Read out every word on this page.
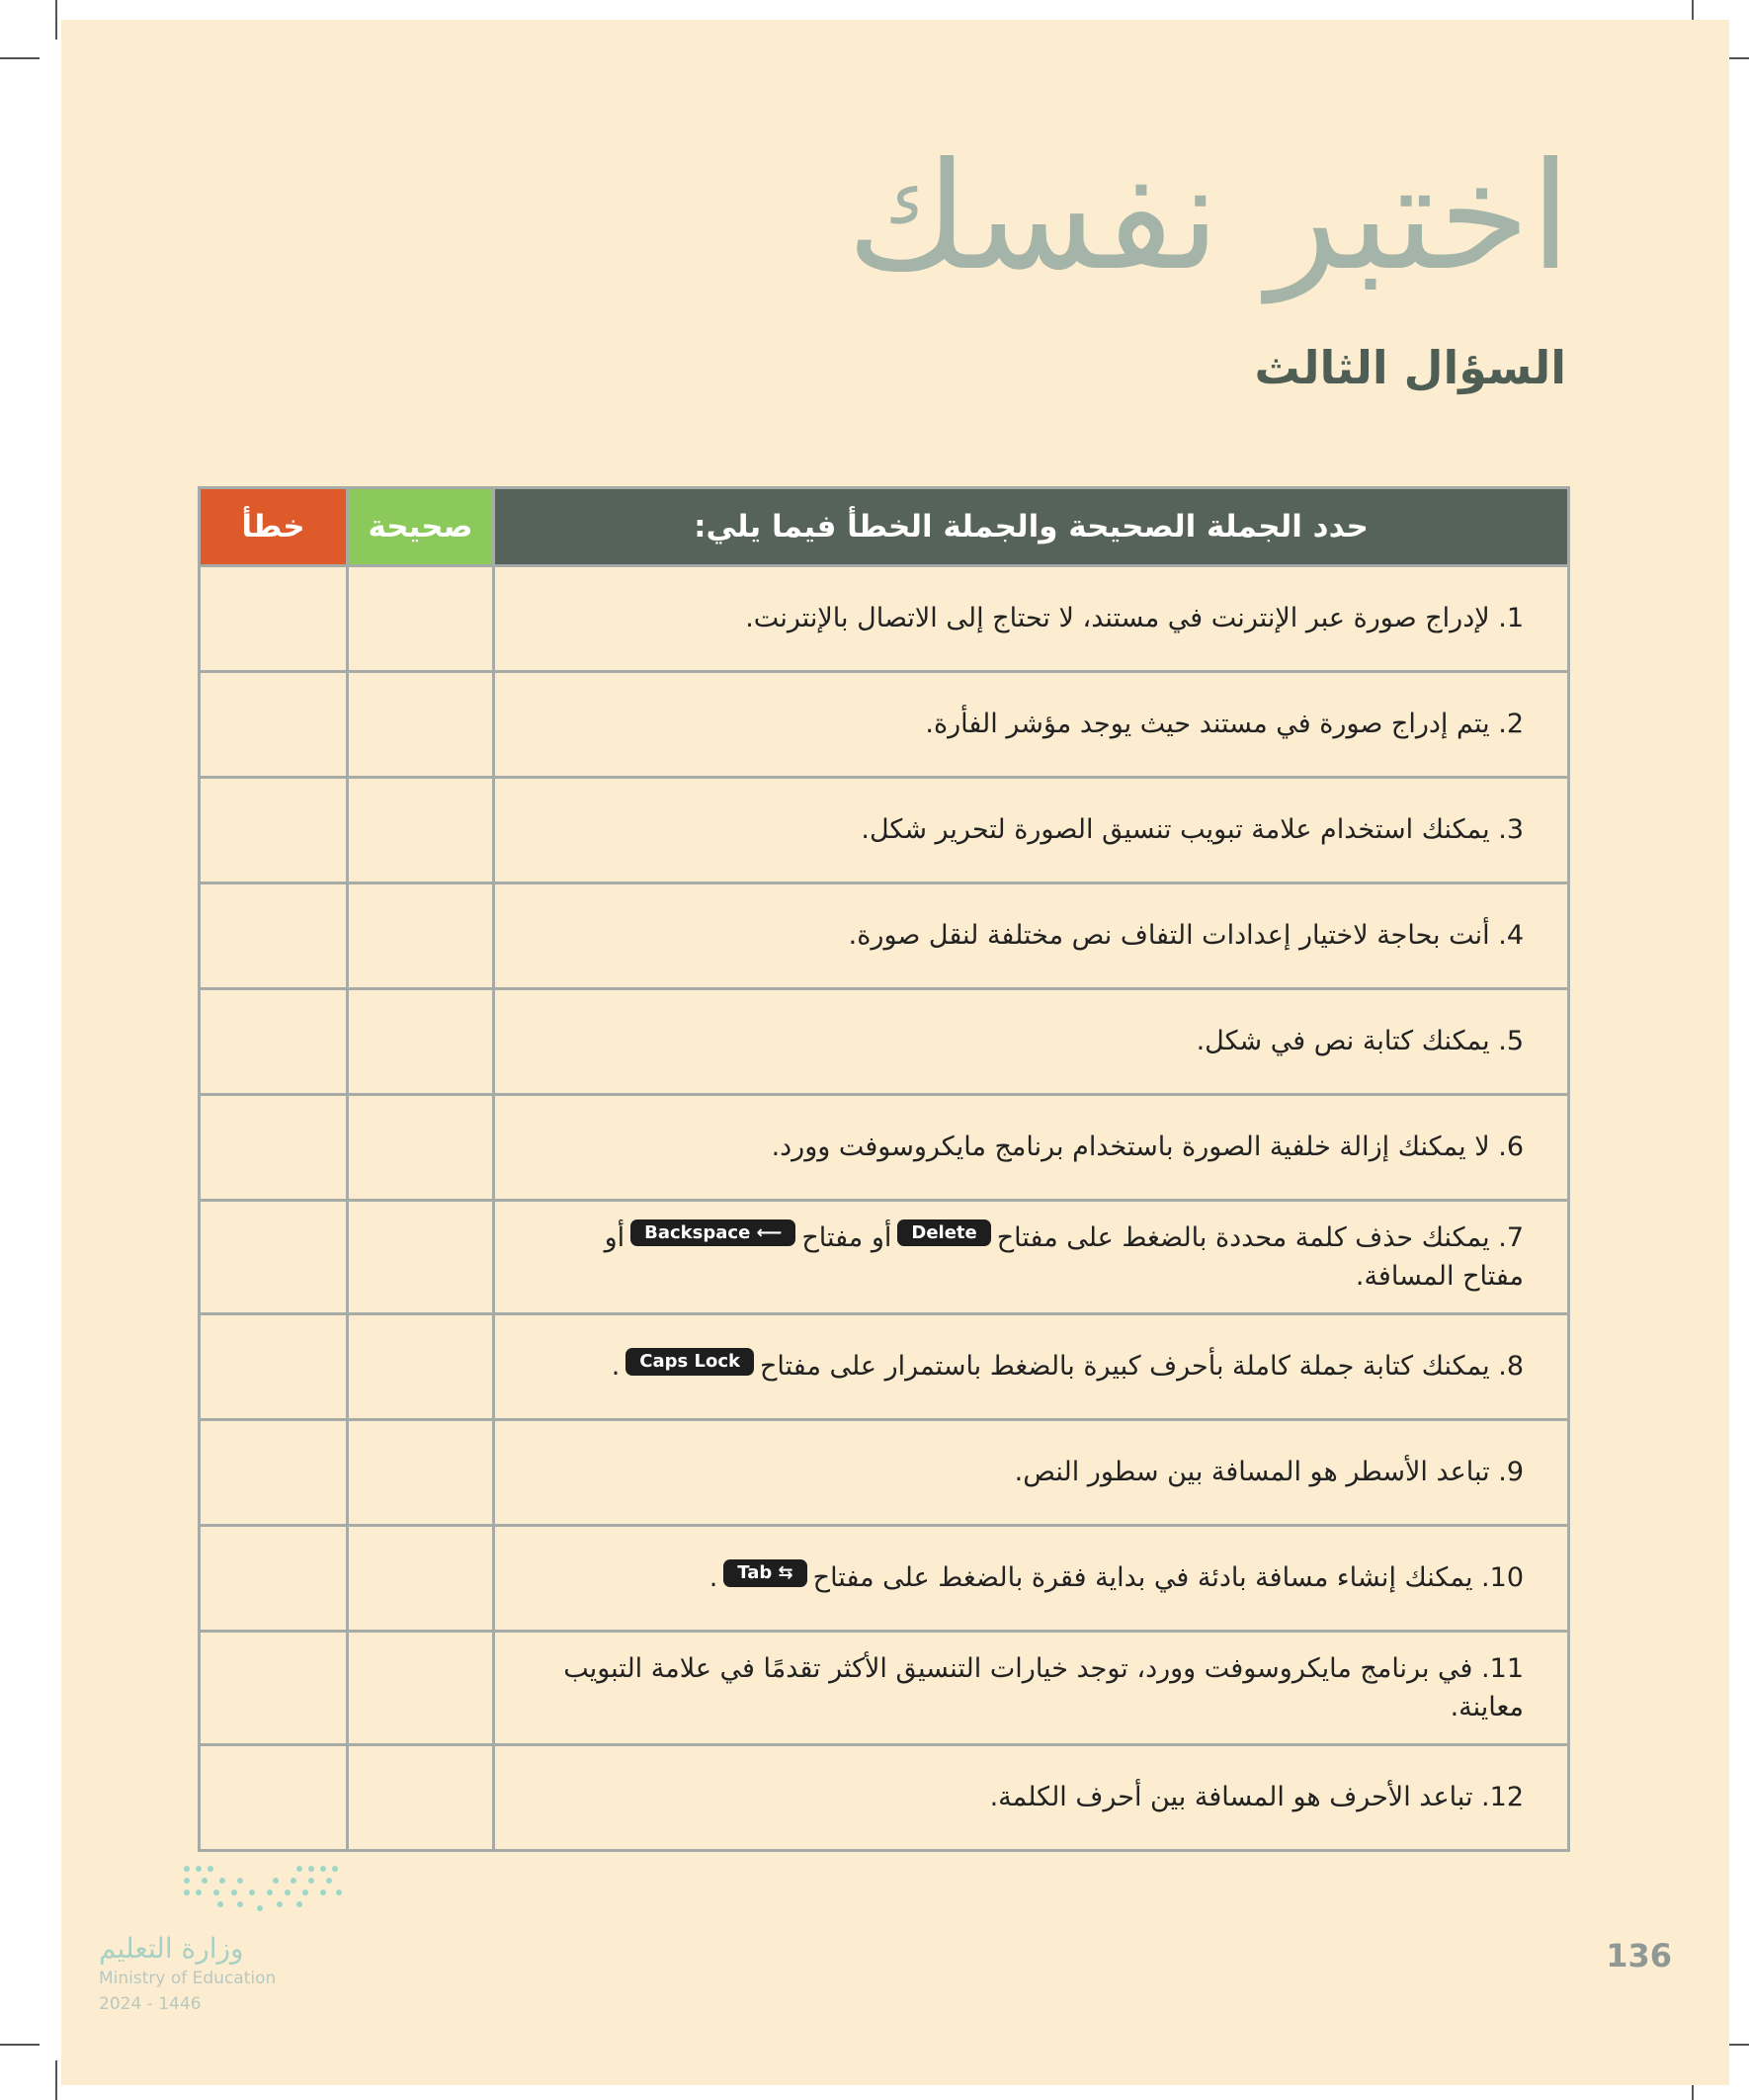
اختبر نفسك
السؤال الثالث
حدد الجملة الصحيحة والجملة الخطأ فيما يلي:	صحيحة	خطأ
1. لإدراج صورة عبر الإنترنت في مستند، لا تحتاج إلى الاتصال بالإنترنت.		
2. يتم إدراج صورة في مستند حيث يوجد مؤشر الفأرة.		
3. يمكنك استخدام علامة تبويب تنسيق الصورة لتحرير شكل.		
4. أنت بحاجة لاختيار إعدادات التفاف نص مختلفة لنقل صورة.		
5. يمكنك كتابة نص في شكل.		
6. لا يمكنك إزالة خلفية الصورة باستخدام برنامج مايكروسوفت وورد.		
7. يمكنك حذف كلمة محددة بالضغط على مفتاحDeleteأو مفتاحBackspace ⟵أو مفتاح المسافة.		
8. يمكنك كتابة جملة كاملة بأحرف كبيرة بالضغط باستمرار على مفتاحCaps Lock.		
9. تباعد الأسطر هو المسافة بين سطور النص.		
10. يمكنك إنشاء مسافة بادئة في بداية فقرة بالضغط على مفتاحTab ⇆.		
11. في برنامج مايكروسوفت وورد، توجد خيارات التنسيق الأكثر تقدمًا في علامة التبويب معاينة.		
12. تباعد الأحرف هو المسافة بين أحرف الكلمة.		
وزارة التعليم
Ministry of Education
2024 - 1446

136
